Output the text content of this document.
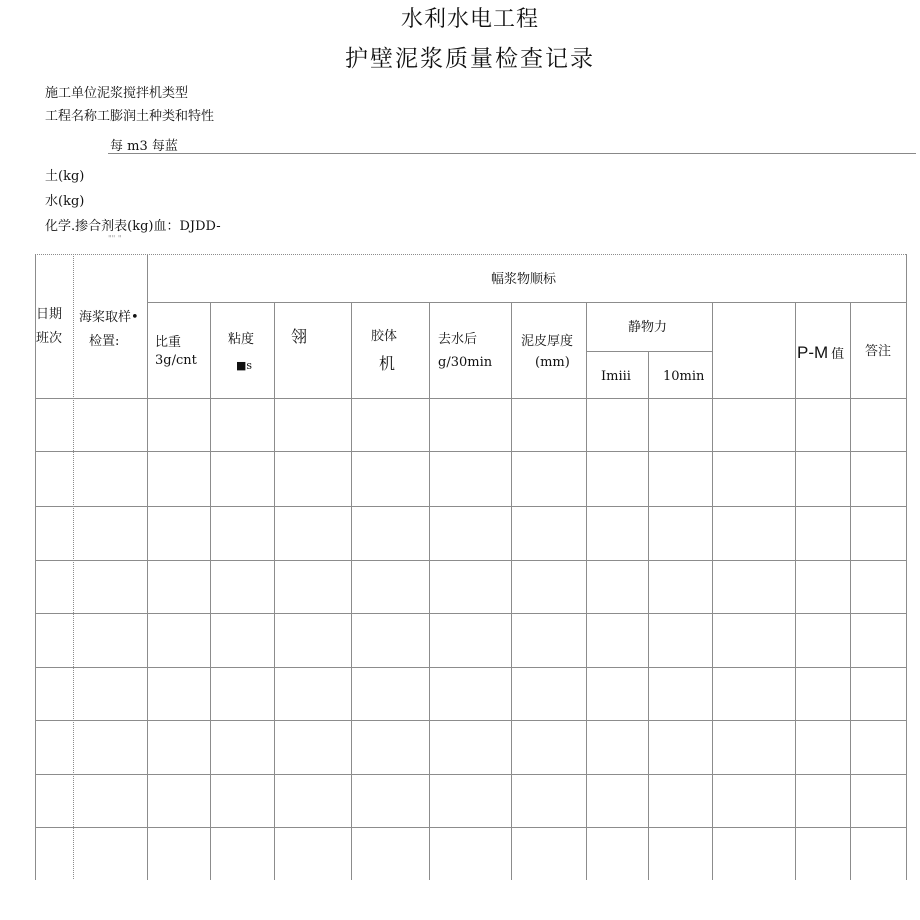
水利水电工程
护壁泥浆质量检查记录
施工单位泥浆搅拌机类型
工程名称工膨润土种类和特性
每 m3 每蓝
土(kg)
水(kg)
化学.掺合剂表(kg)血：DJDD-
"" "
幅浆物顺标
日期
班次
海桨取样•
检置:	比重
3g/cnt
粘度
■s
翎	胶体
机
去水后
g/30min
泥皮厚度
(mm)
静物力
Imiii 10min
P-M 值 答注
